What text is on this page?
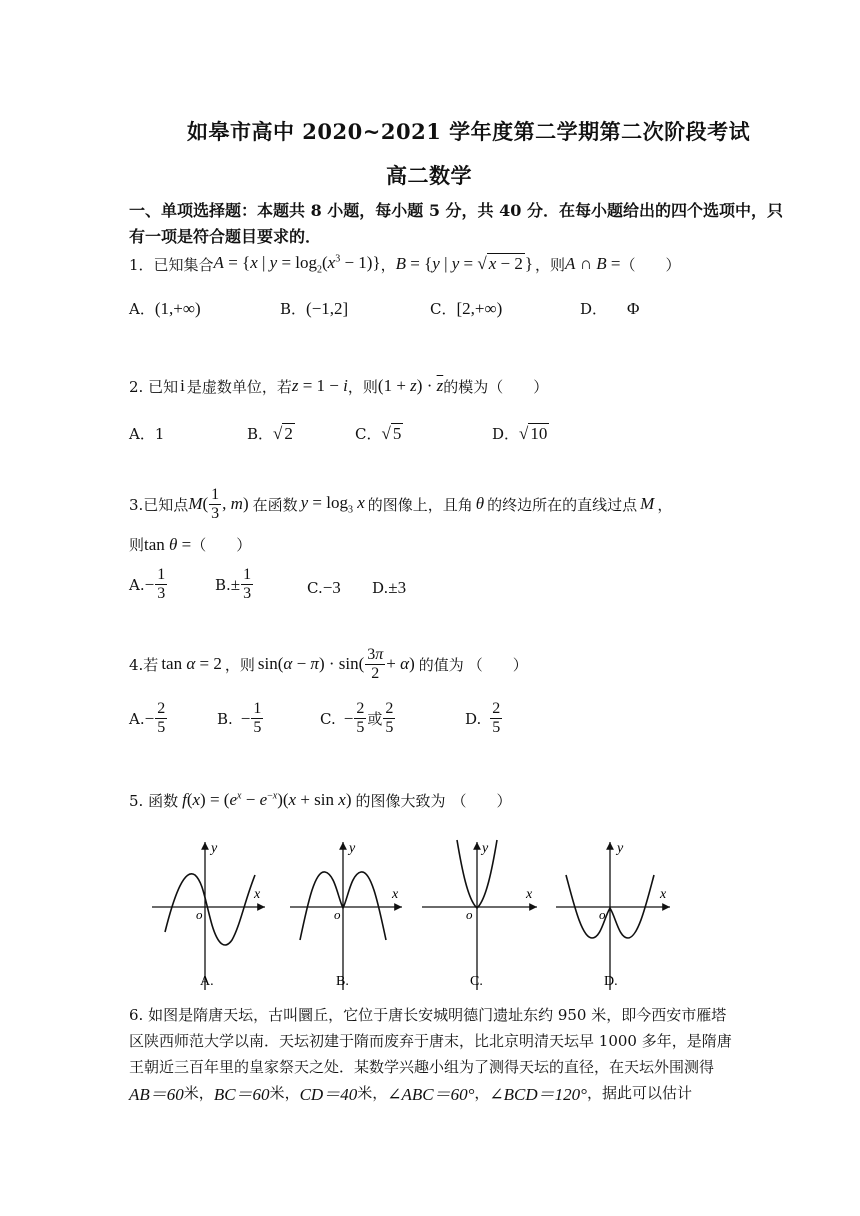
如皋市高中 2020~2021 学年度第二学期第二次阶段考试
高二数学
一、单项选择题：本题共 8 小题，每小题 5 分，共 40 分．在每小题给出的四个选项中，只
有一项是符合题目要求的．
1．已知集合 A = {x | $y = \log_2(x^3 - 1)$} ， B = {y | y = √ x − 2 } ，则 A ∩ B = （　　）
A．(1,+∞)	B．(−1,2]	C．[2,+∞)	D． Φ
2. 已知 i 是虚数单位，若 z = 1 − i ，则 $(1 + z) \cdot \overline{z}$ 的模为（　　）
A．1	B．√ 2	C．√ 5	D．√ 10
3.已知点 $M( \frac{1}{3}$ , m) 在函数 $y = \log_3 x$ 的图像上，且角 θ 的终边所在的直线过点 M ，
则tan θ =（　　）
A. − $\frac{1}{3}$	B. ± $\frac{1}{3}$	C.−3 D.±3
4.若 tan α = 2 ，则 $\sin(\alpha - \pi) \cdot \sin( \frac{3\pi}{2} + \alpha)$ 的值为 （　　）
A. − $\frac{2}{5}$	B. − $\frac{1}{5}$	C. − $\frac{2}{5}$ 或 $\frac{2}{5}$	D. $\frac{2}{5}$
5. 函数 $f(x) = (e^x - e^{-x})(x + \sin x)$ 的图像大致为 （　　）
x
y
o
A.
x
y
o
B.
x
y
o
C.
x
y
o
D.
6. 如图是隋唐天坛，古叫圜丘，它位于唐长安城明德门遗址东约 950 米，即今西安市雁塔
区陕西师范大学以南．天坛初建于隋而废弃于唐末，比北京明清天坛早 1000 多年，是隋唐
王朝近三百年里的皇家祭天之处．某数学兴趣小组为了测得天坛的直径，在天坛外围测得
AB＝60 米 ， BC＝60 米 ， CD＝40 米 ， ∠ABC＝60° ， ∠BCD＝120° ， 据此可以估计
